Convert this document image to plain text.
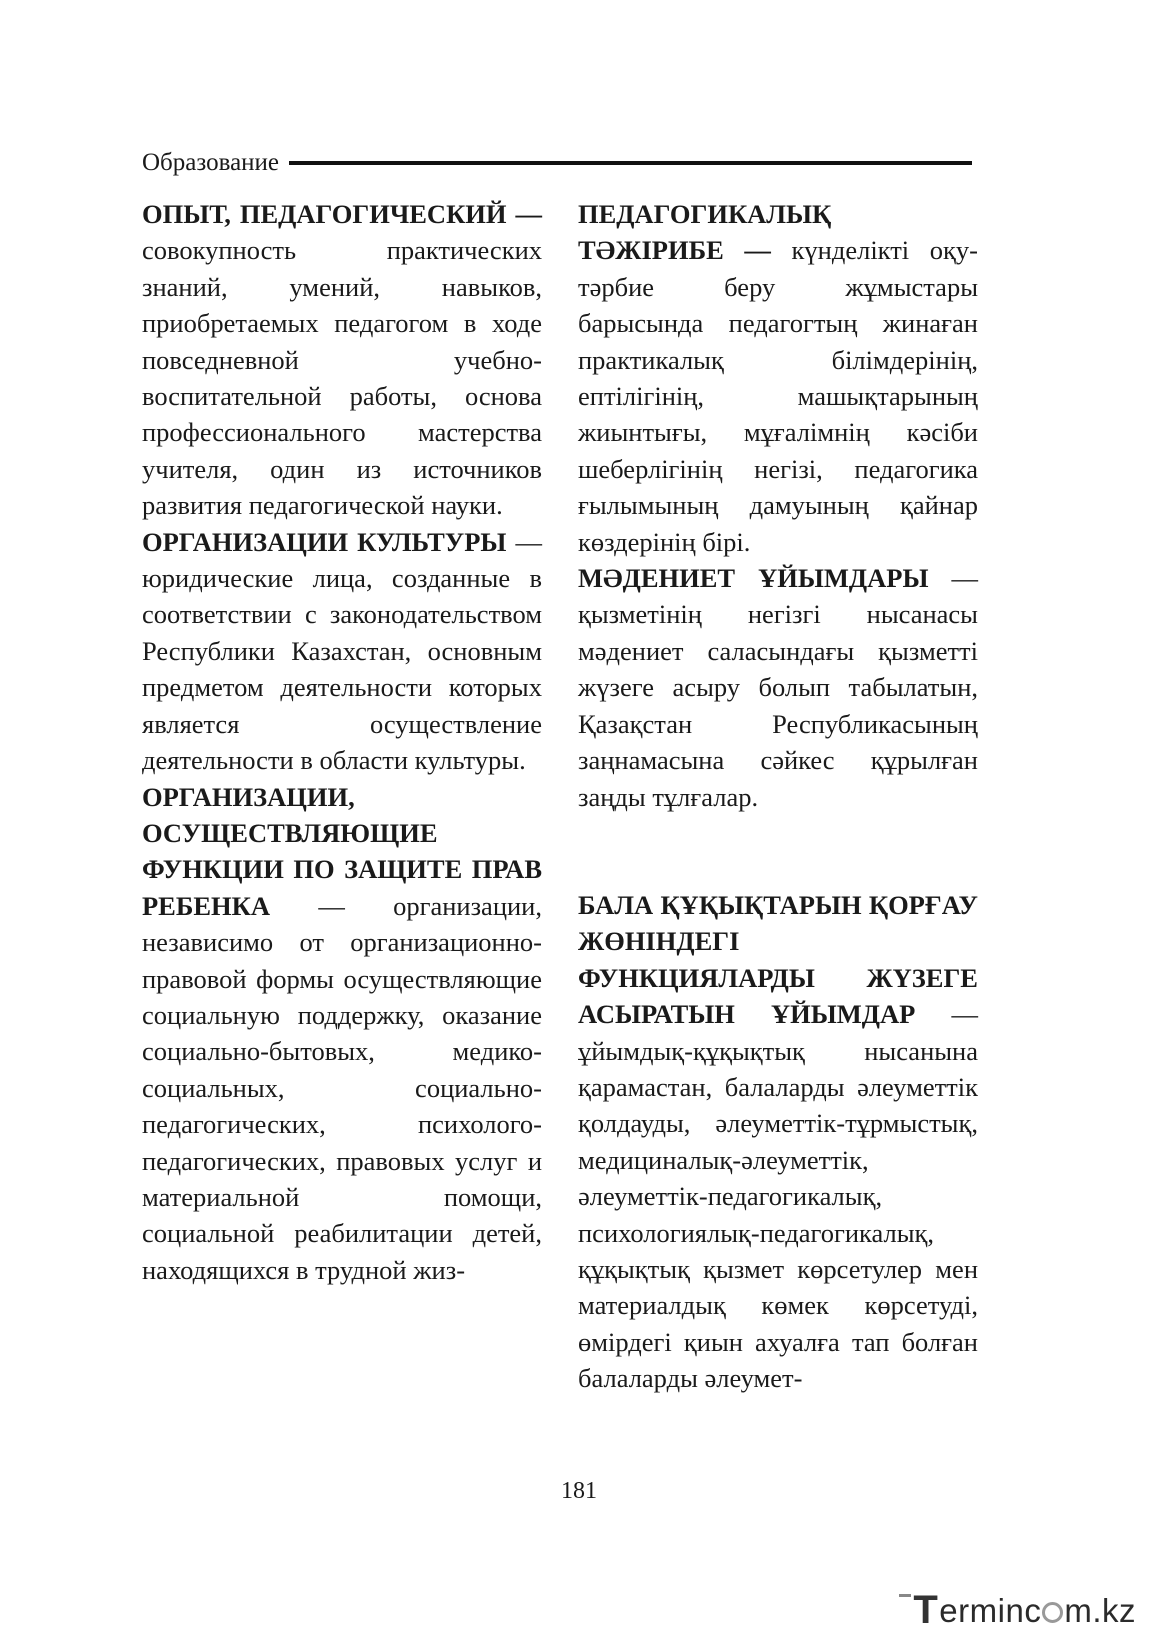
Образование

ОПЫТ, ПЕДАГОГИЧЕСКИЙ — совокупность практических знаний, умений, навыков, приобретаемых педагогом в ходе повседневной учебно-воспитательной работы, основа профессионального мастерства учителя, один из источников развития педагогической науки.

ОРГАНИЗАЦИИ КУЛЬТУРЫ — юридические лица, созданные в соответствии с законодательством Республики Казахстан, основным предметом деятельности которых является осуществление деятельности в области культуры.

ОРГАНИЗАЦИИ, ОСУЩЕСТВЛЯЮЩИЕ ФУНКЦИИ ПО ЗАЩИТЕ ПРАВ РЕБЕНКА — организации, независимо от организационно-правовой формы осуществляющие социальную поддержку, оказание социально-бытовых, медико-социальных, социально-педагогических, психолого-педагогических, правовых услуг и материальной помощи, социальной реабилитации детей, находящихся в трудной жиз-

ПЕДАГОГИКАЛЫҚ ТӘЖІРИБЕ — күнделікті оқу-тәрбие беру жұмыстары барысында педагогтың жинаған практикалық білімдерінің, ептілігінің, машықтарының жиынтығы, мұғалімнің кәсіби шеберлігінің негізі, педагогика ғылымының дамуының қайнар көздерінің бірі.

МӘДЕНИЕТ ҰЙЫМДАРЫ — қызметінің негізгі нысанасы мәдениет саласындағы қызметті жүзеге асыру болып табылатын, Қазақстан Республикасының заңнамасына сәйкес құрылған заңды тұлғалар.

БАЛА ҚҰҚЫҚТАРЫН ҚОРҒАУ ЖӨНІНДЕГІ ФУНКЦИЯЛАРДЫ ЖҮЗЕГЕ АСЫРАТЫН ҰЙЫМДАР — ұйымдық-құқықтық нысанына қарамастан, балаларды әлеуметтік қолдауды, әлеуметтік-тұрмыстық, медициналық-әлеуметтік, әлеуметтік-педагогикалық, психологиялық-педагогикалық, құқықтық қызмет көрсетулер мен материалдық көмек көрсетуді, өмірдегі қиын ахуалға тап болған балаларды әлеумет-

181
T erminc m.kz
